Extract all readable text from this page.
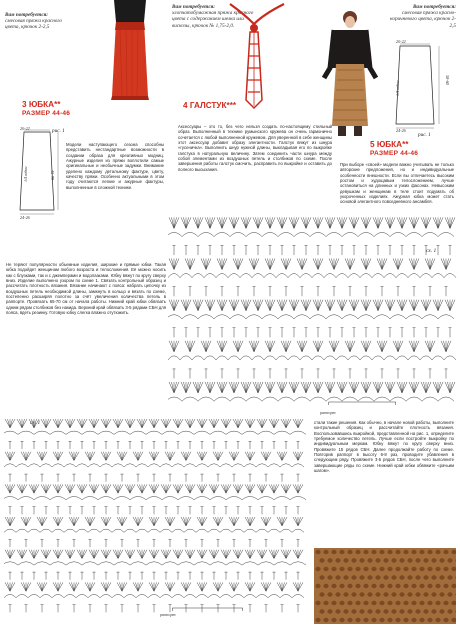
Вам потребуется:
смесовая пряжа красного цвета, крючок 2-2,5
3 ЮБКА**
РАЗМЕР 44-46
рис. 1
20-22
24-26
45-70
1/4 юбки

Модели наступающего сезона способны представить нестандартные возможности в создании образа для креативных модниц. Ажурные изделия из пряжи воплотили самые оригинальные и необычные задумки. Внимание уделено каждому детальному фактуре, цвету, качеству пряжи. Особенно актуальными в этом году считаются легкие и ажурные фактуры, выполненные в сложной технике.

Не теряют популярности объемные изделия, широкие и прямые юбки. Такая юбка подойдет женщинам любого возраста и телосложения. Её можно носить как с блузками, так и с джемперами и водолазками. Юбку вяжут по кругу сверху вниз. Изделие выполнено узором по схеме 1. Связать контрольный образец и рассчитать плотность вязания. Вязание начинают с пояса: набрать цепочку из воздушных петель необходимой длины, замкнуть в кольцо и вязать по схеме, постепенно расширяя полотно за счёт увеличения количества петель в раппорте. Провязать 65-70 см от начала работы. Нижний край юбки обвязать одним рядом столбиков без накида. Верхний край обвязать 3-5 рядами СБН для пояса, вдеть резинку. Готовую юбку слегка влажно отутюжить.

Вам потребуется:
хлопчатобумажная пряжа красного цвета с содержанием шелка или вискозы, крючок № 1,75-2,0.
4 ГАЛСТУК***

Аксессуары – это то, без чего нельзя создать по-настоящему стильный образ. Выполненный в технике румынского кружева он очень гармонично сочетается с любой выполненной кружевом. Для уверенной в себе женщины этот аксессуар добавит образу элегантности. Галстук вяжут из шнура «гусеничка». Выполнить шнур нужной длины, выкладывая его по выкройке галстука в натуральную величину. Затем соединить части шнура между собой элементами из воздушных петель и столбиков по схеме. После завершения работы галстук смочить, расправить по выкройке и оставить до полного высыхания.

Вам потребуется:
смесовая пряжа красно-коричневого цвета, крючок 2-2,5
20-22
24-26
58-60
1/4 юбки
рис. 1
5 ЮБКА**
РАЗМЕР 44-46

При выборе «своей» модели важно учитывать не только авторские предложения, но и индивидуальные особенности внешности. Если вы отличаетесь высоким ростом и худощавым телосложением, лучше остановиться на длинных и узких фасонах. Невысоким девушкам и женщинам в теле стоит подумать об укороченных изделиях. Ажурная юбка может стать основой элегантного повседневного ансамбля.

сх. 1
раппорт
сх. 1
раппорт

стали такие решения. Как обычно, в начале новой работы, выполните контрольный образец и рассчитайте плотность вязания. Воспользовавшись выкройкой, представленной на рис. 1, определите требуемое количество петель. Лучше если постройте выкройку по индивидуальным меркам. Юбку вяжут по кругу сверху вниз. Провяжите 15 рядов СБН. Далее продолжайте работу по схеме. Повторив раппорт в высоту 6-8 раз, проводите убавления в следующем ряду. Провяжите 3-5 рядов СБН, после чего выполните завершающие ряды по схеме. Нижний край юбки обвяжите «рачьим шагом».
